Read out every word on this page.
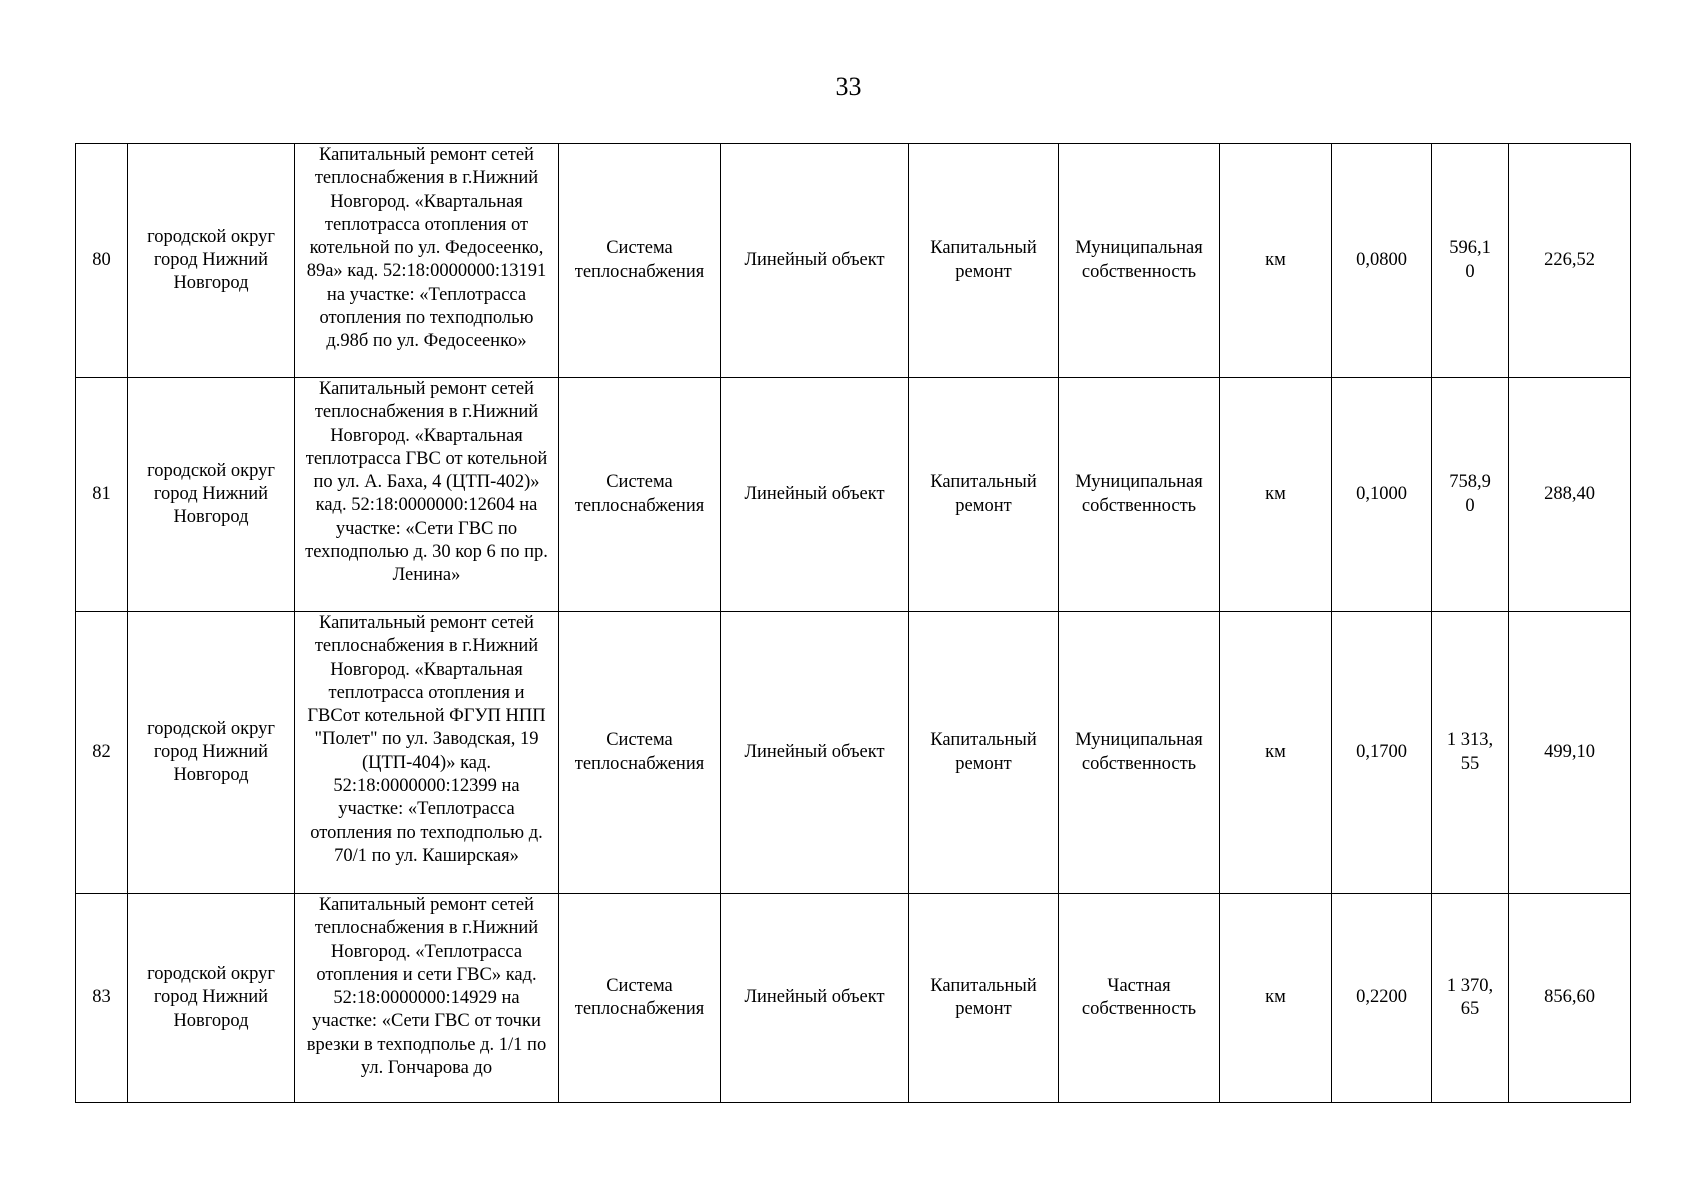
33
80	городской округ город Нижний Новгород	Капитальный ремонт сетей теплоснабжения в г.Нижний Новгород. «Квартальная теплотрасса отопления от котельной по ул. Федосеенко, 89а» кад. 52:18:0000000:13191 на участке: «Теплотрасса отопления по техподполью д.98б по ул. Федосеенко»	Система теплоснабжения	Линейный объект	Капитальный ремонт	Муниципальная собственность	км	0,0800	596,10	226,52
81	городской округ город Нижний Новгород	Капитальный ремонт сетей теплоснабжения в г.Нижний Новгород. «Квартальная теплотрасса ГВС от котельной по ул. А. Баха, 4 (ЦТП-402)» кад. 52:18:0000000:12604 на участке: «Сети ГВС по техподполью д. 30 кор 6 по пр. Ленина»	Система теплоснабжения	Линейный объект	Капитальный ремонт	Муниципальная собственность	км	0,1000	758,90	288,40
82	городской округ город Нижний Новгород	Капитальный ремонт сетей теплоснабжения в г.Нижний Новгород. «Квартальная теплотрасса отопления и ГВСот котельной ФГУП НПП "Полет" по ул. Заводская, 19 (ЦТП-404)» кад. 52:18:0000000:12399 на участке: «Теплотрасса отопления по техподполью д. 70/1 по ул. Каширская»	Система теплоснабжения	Линейный объект	Капитальный ремонт	Муниципальная собственность	км	0,1700	1 313,55	499,10
83	городской округ город Нижний Новгород	Капитальный ремонт сетей теплоснабжения в г.Нижний Новгород. «Теплотрасса отопления и сети ГВС» кад. 52:18:0000000:14929 на участке: «Сети ГВС от точки врезки в техподполье д. 1/1 по ул. Гончарова до	Система теплоснабжения	Линейный объект	Капитальный ремонт	Частная собственность	км	0,2200	1 370,65	856,60
